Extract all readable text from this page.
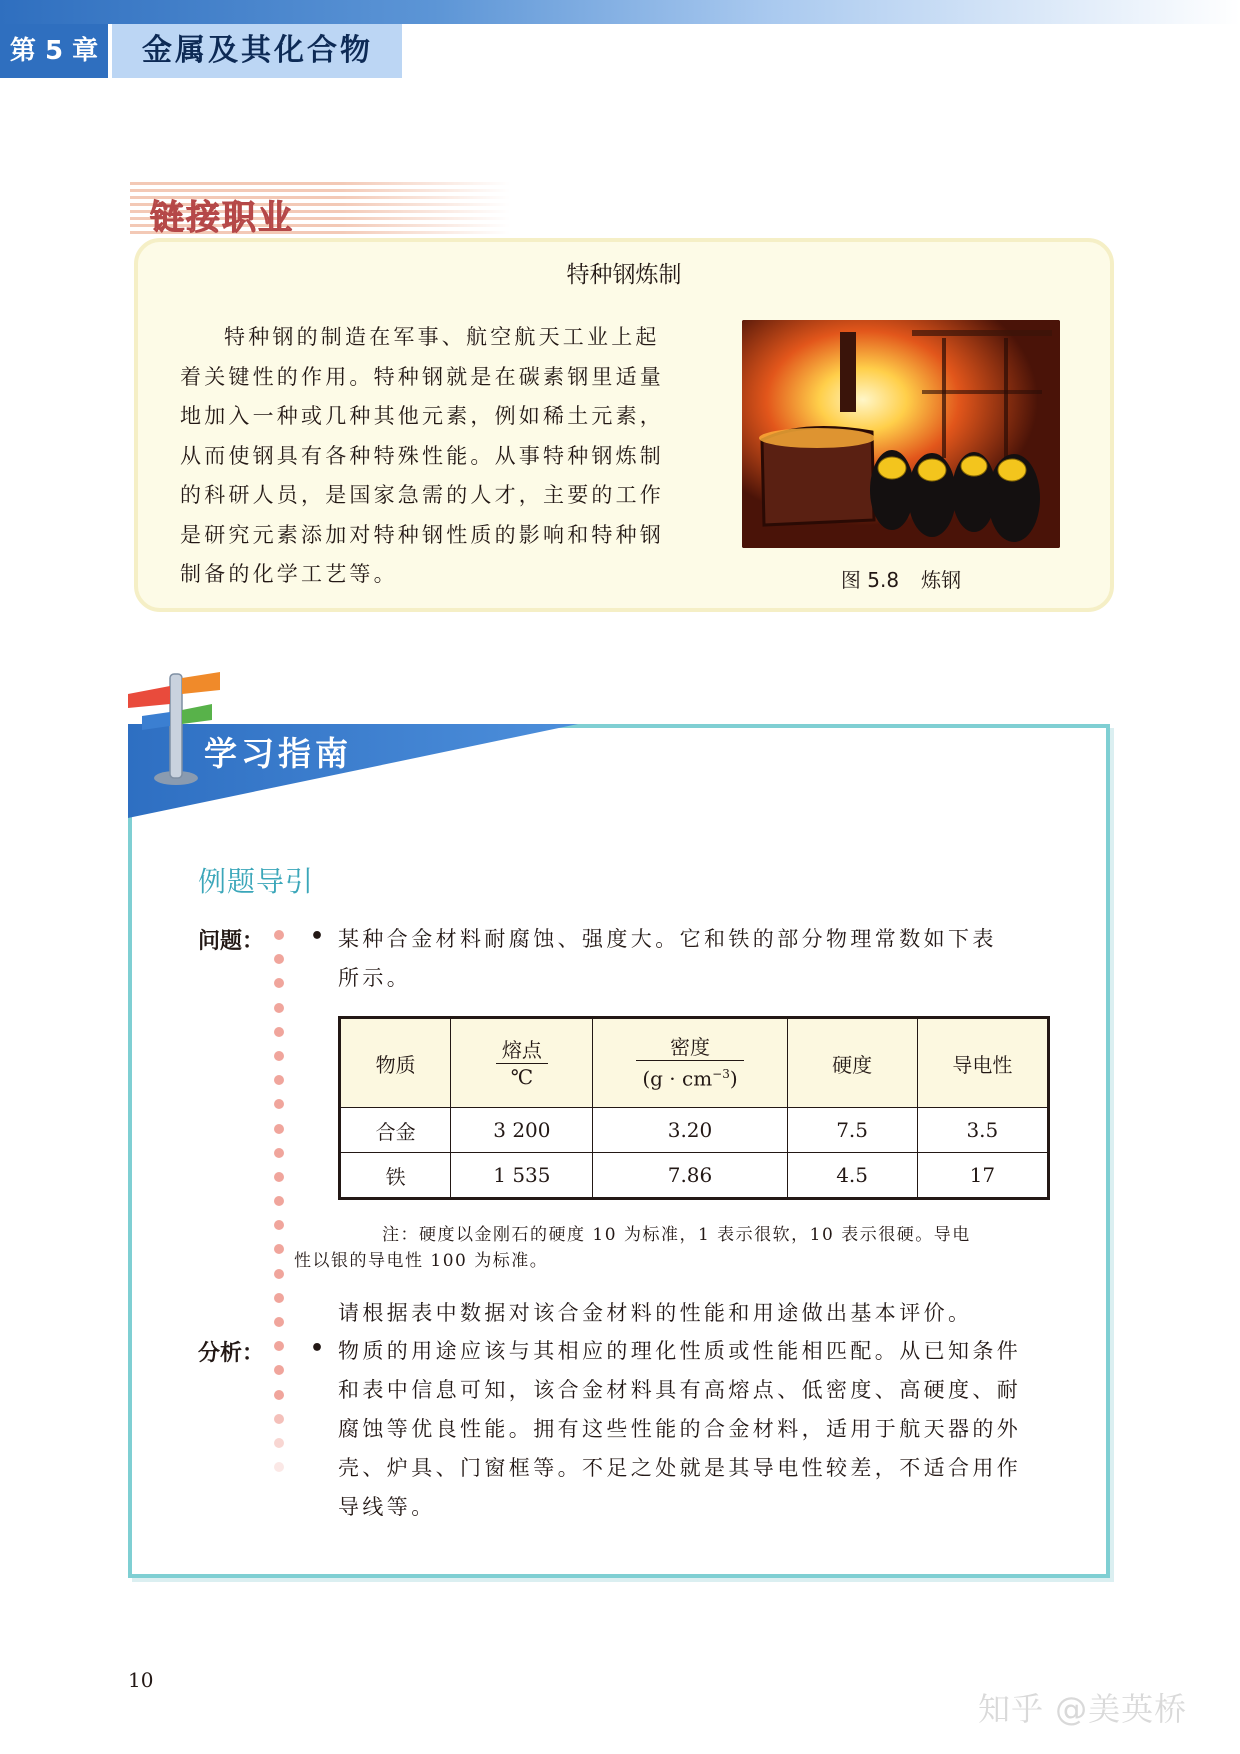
第 5 章	金属及其化合物
链接职业
特种钢炼制
特种钢的制造在军事、航空航天工业上起
着关键性的作用。特种钢就是在碳素钢里适量
地加入一种或几种其他元素，例如稀土元素，
从而使钢具有各种特殊性能。从事特种钢炼制
的科研人员，是国家急需的人才，主要的工作
是研究元素添加对特种钢性质的影响和特种钢
制备的化学工艺等。	图 5.8 炼钢
学习指南
例题导引
问题： • 某种合金材料耐腐蚀、强度大。它和铁的部分物理常数如下表
所示。
物质	$\frac{\text{熔点}}{℃}$	$\frac{\text{密度}}{(g \cdot cm^{-3})}$	硬度	导电性
合金	3 200	3.20	7.5	3.5
铁	1 535	7.86	4.5	17
注：硬度以金刚石的硬度 10 为标准，1 表示很软，10 表示很硬。导电
性以银的导电性 100 为标准。
请根据表中数据对该合金材料的性能和用途做出基本评价。
分析： • 物质的用途应该与其相应的理化性质或性能相匹配。从已知条件
和表中信息可知，该合金材料具有高熔点、低密度、高硬度、耐
腐蚀等优良性能。拥有这些性能的合金材料，适用于航天器的外
壳、炉具、门窗框等。不足之处就是其导电性较差，不适合用作
导线等。
10
知乎 @美英桥
